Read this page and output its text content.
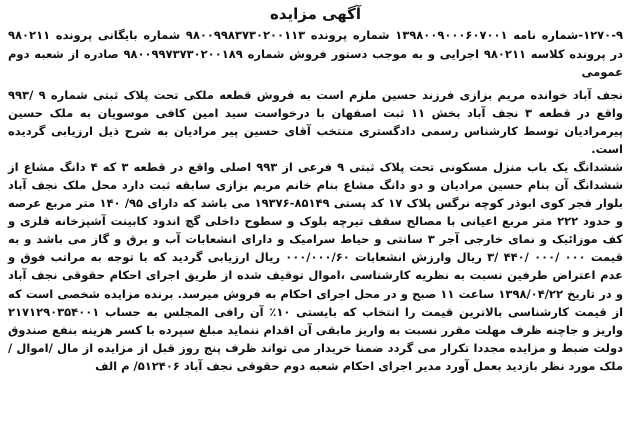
آگهی مزایده
۱۲۷۰-۹-شماره نامه ۱۳۹۸۰۰۹۰۰۰۶۰۷۰۰۱ شماره پرونده ۹۸۰۰۹۹۸۳۷۳۰۲۰۰۱۱۳ شماره بایگانی پرونده ۹۸۰۲۱۱ در پرونده کلاسه ۹۸۰۲۱۱ اجرایی و به موجب دستور فروش شماره ۹۸۰۰۹۹۷۳۷۳۰۲۰۰۱۸۹ صادره از شعبه دوم عمومی

نجف آباد خوانده مریم بزازی فرزند حسین ملزم است به فروش قطعه ملکی تحت پلاک ثبتی شماره ۹ /۹۹۳ واقع در قطعه ۳ نجف آباد بخش ۱۱ ثبت اصفهان با درخواست سید امین کافی موسویان به ملک حسین پیرمرادیان توسط کارشناس رسمی دادگستری منتخب آقای حسین پیر مرادیان به شرح ذیل ارزیابی گردیده است.

ششدانگ یک باب منزل مسکونی تحت پلاک ثبتی ۹ فرعی از ۹۹۳ اصلی واقع در قطعه ۳ که ۴ دانگ مشاع از ششدانگ آن بنام حسین مرادیان و دو دانگ مشاع بنام خانم مریم بزازی سابقه ثبت دارد محل ملک نجف آباد بلوار فجر کوی ابوذر کوچه نرگس پلاک ۱۷ کد پستی ۸۵۱۴۹-۱۹۳۷۶ می باشد که دارای ۹۵/ ۱۴۰ متر مربع عرصه و حدود ۲۲۲ متر مربع اعیانی با مصالح سقف تیرچه بلوک و سطوح داخلی گچ اندود کابینت آشپزخانه فلزی و کف موزائیک و نمای خارجی آجر ۳ سانتی و حیاط سرامیک و دارای انشعابات آب و برق و گاز می باشد و به قیمت ۰۰۰ /۰۰۰ /۴۴۰ /۳ ریال وارزش انشعابات ۰۰۰/۰۰۰/۶۰ ریال ارزیابی گردید که با توجه به مراتب فوق و عدم اعتراض طرفین نسبت به نظریه کارشناسی ،اموال توقیف شده از طریق اجرای احکام حقوقی نجف آباد و در تاریخ ۱۳۹۸/۰۴/۲۲ ساعت ۱۱ صبح و در محل اجرای احکام به فروش میرسد. برنده مزایده شخصی است که از قیمت کارشناسی بالاترین قیمت را انتخاب که بایستی ۱۰٪ آن رافی المجلس به حساب ۲۱۷۱۲۹۰۳۵۴۰۰۱ واریز و جاچنه ظرف مهلت مقرر نسبت به واریز مابقی آن اقدام ننماید مبلغ سپرده با کسر هزینه بنفع صندوق دولت ضبط و مزایده مجددا تکرار می گردد ضمنا خریدار می تواند ظرف پنج روز قبل از مزایده از مال /اموال / ملک مورد نظر بازدید بعمل آورد مدیر اجرای احکام شعبه دوم حقوقی نجف آباد ۵۱۲۴۰۶/ م الف
